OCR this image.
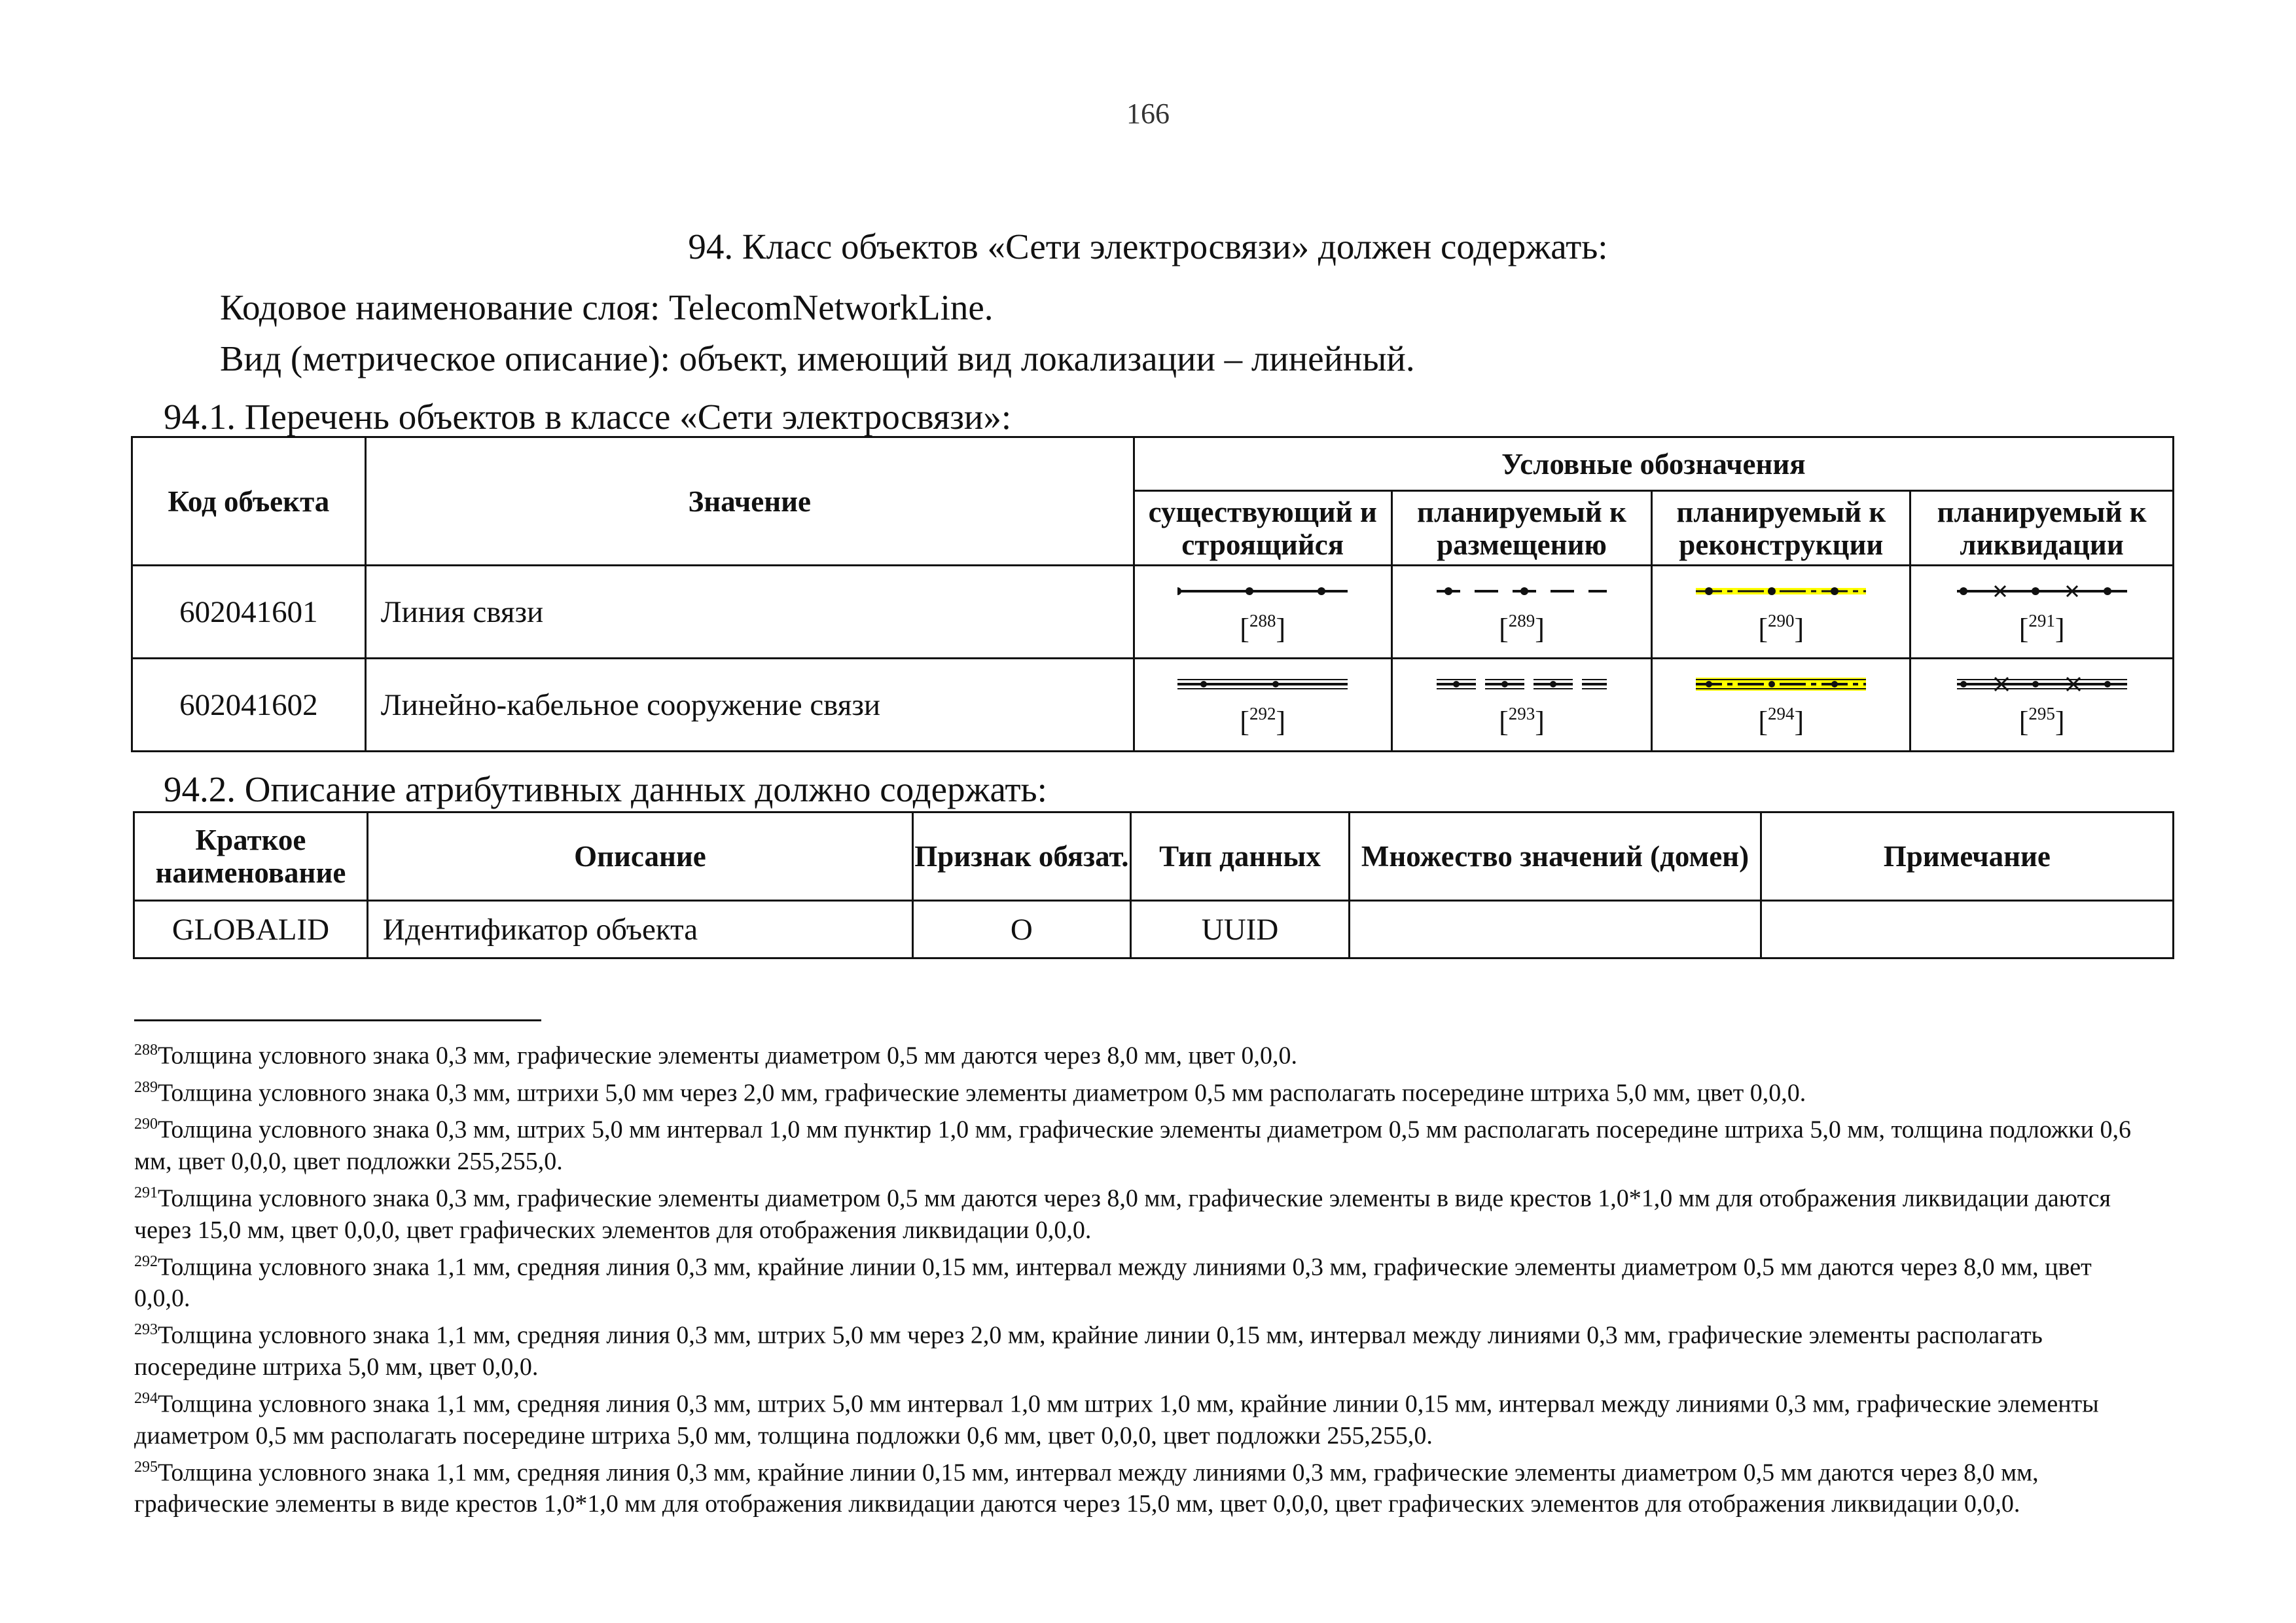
166
94. Класс объектов «Сети электросвязи» должен содержать:
Кодовое наименование слоя: TelecomNetworkLine.
Вид (метрическое описание): объект, имеющий вид локализации – линейный.
94.1. Перечень объектов в классе «Сети электросвязи»:
Код объекта	Значение	Условные обозначения			
		существующий и строящийся	планируемый к размещению	планируемый к реконструкции	планируемый к ликвидации
602041601	Линия связи	[$^{288}$]	[$^{289}$]	[$^{290}$]	[$^{291}$]

602041602	Линейно-кабельное сооружение связи	[$^{292}$]	[$^{293}$]	[$^{294}$]	[$^{295}$]
94.2. Описание атрибутивных данных должно содержать:
Краткое наименование	Описание	Признак обязат.	Тип данных	Множество значений (домен)	Примечание
GLOBALID	Идентификатор объекта	О	UUID		

$^{288}$Толщина условного знака 0,3 мм, графические элементы диаметром 0,5 мм даются через 8,0 мм, цвет 0,0,0.

$^{289}$Толщина условного знака 0,3 мм, штрихи 5,0 мм через 2,0 мм, графические элементы диаметром 0,5 мм располагать посередине штриха 5,0 мм, цвет 0,0,0.

$^{290}$Толщина условного знака 0,3 мм, штрих 5,0 мм интервал 1,0 мм пунктир 1,0 мм, графические элементы диаметром 0,5 мм располагать посередине штриха 5,0 мм, толщина подложки 0,6 мм, цвет 0,0,0, цвет подложки 255,255,0.

$^{291}$Толщина условного знака 0,3 мм, графические элементы диаметром 0,5 мм даются через 8,0 мм, графические элементы в виде крестов 1,0*1,0 мм для отображения ликвидации даются через 15,0 мм, цвет 0,0,0, цвет графических элементов для отображения ликвидации 0,0,0.

$^{292}$Толщина условного знака 1,1 мм, средняя линия 0,3 мм, крайние линии 0,15 мм, интервал между линиями 0,3 мм, графические элементы диаметром 0,5 мм даются через 8,0 мм, цвет 0,0,0.

$^{293}$Толщина условного знака 1,1 мм, средняя линия 0,3 мм, штрих 5,0 мм через 2,0 мм, крайние линии 0,15 мм, интервал между линиями 0,3 мм, графические элементы располагать посередине штриха 5,0 мм, цвет 0,0,0.

$^{294}$Толщина условного знака 1,1 мм, средняя линия 0,3 мм, штрих 5,0 мм интервал 1,0 мм штрих 1,0 мм, крайние линии 0,15 мм, интервал между линиями 0,3 мм, графические элементы диаметром 0,5 мм располагать посередине штриха 5,0 мм, толщина подложки 0,6 мм, цвет 0,0,0, цвет подложки 255,255,0.

$^{295}$Толщина условного знака 1,1 мм, средняя линия 0,3 мм, крайние линии 0,15 мм, интервал между линиями 0,3 мм, графические элементы диаметром 0,5 мм даются через 8,0 мм, графические элементы в виде крестов 1,0*1,0 мм для отображения ликвидации даются через 15,0 мм, цвет 0,0,0, цвет графических элементов для отображения ликвидации 0,0,0.
